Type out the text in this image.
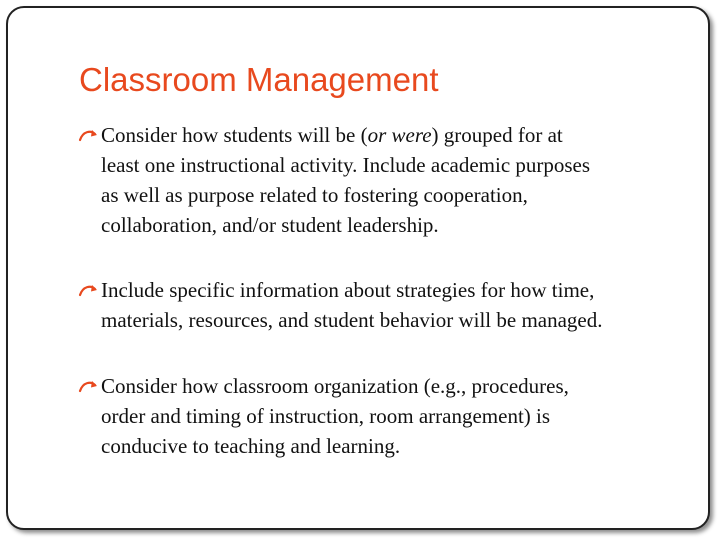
Classroom Management
Consider how students will be (or were) grouped for at
least one instructional activity. Include academic purposes
as well as purpose related to fostering cooperation,
collaboration, and/or student leadership.
Include specific information about strategies for how time,
materials, resources, and student behavior will be managed.
Consider how classroom organization (e.g., procedures,
order and timing of instruction, room arrangement) is
conducive to teaching and learning.
